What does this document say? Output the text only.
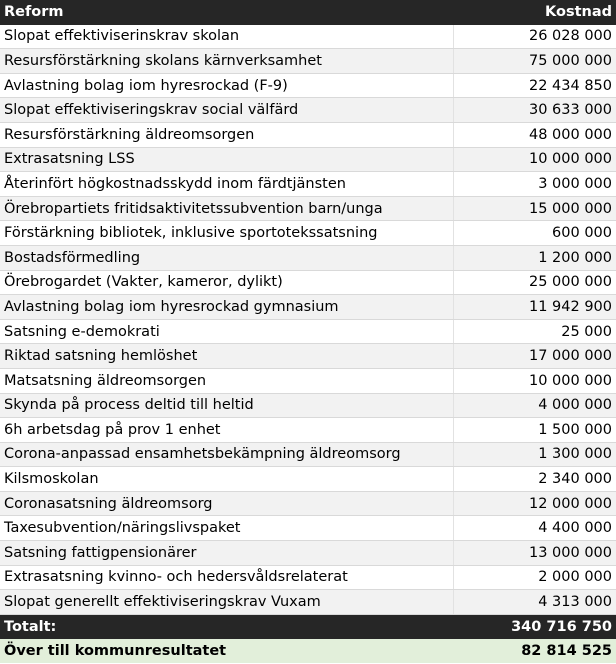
Reform	Kostnad
Slopat effektiviserinskrav skolan	26 028 000
Resursförstärkning skolans kärnverksamhet	75 000 000
Avlastning bolag iom hyresrockad (F-9)	22 434 850
Slopat effektiviseringskrav social välfärd	30 633 000
Resursförstärkning äldreomsorgen	48 000 000
Extrasatsning LSS	10 000 000
Återinfört högkostnadsskydd inom färdtjänsten	3 000 000
Örebropartiets fritidsaktivitetssubvention barn/unga	15 000 000
Förstärkning bibliotek, inklusive sportotekssatsning	600 000
Bostadsförmedling	1 200 000
Örebrogardet (Vakter, kameror, dylikt)	25 000 000
Avlastning bolag iom hyresrockad gymnasium	11 942 900
Satsning e-demokrati	25 000
Riktad satsning hemlöshet	17 000 000
Matsatsning äldreomsorgen	10 000 000
Skynda på process deltid till heltid	4 000 000
6h arbetsdag på prov 1 enhet	1 500 000
Corona-anpassad ensamhetsbekämpning äldreomsorg	1 300 000
Kilsmoskolan	2 340 000
Coronasatsning äldreomsorg	12 000 000
Taxesubvention/näringslivspaket	4 400 000
Satsning fattigpensionärer	13 000 000
Extrasatsning kvinno- och hedersvåldsrelaterat	2 000 000
Slopat generellt effektiviseringskrav Vuxam	4 313 000
Totalt:	340 716 750
Över till kommunresultatet	82 814 525
